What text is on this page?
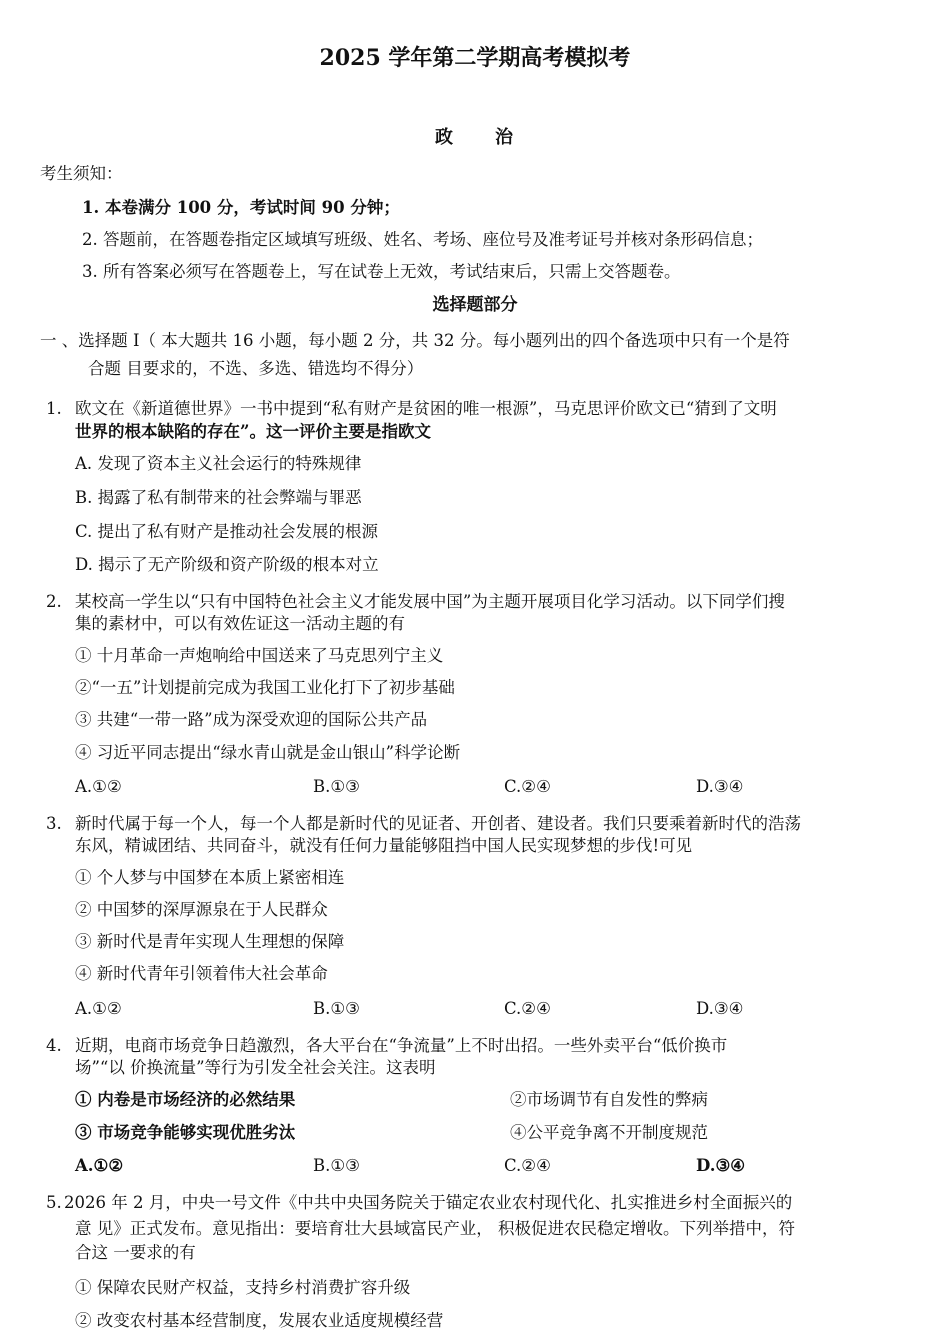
2025 学年第二学期高考模拟考
政　　治
考生须知：
1. 本卷满分 100 分，考试时间 90 分钟；
2. 答题前，在答题卷指定区域填写班级、姓名、考场、座位号及准考证号并核对条形码信息；
3. 所有答案必须写在答题卷上，写在试卷上无效，考试结束后，只需上交答题卷。
选择题部分
一 、选择题 I（ 本大题共 16 小题，每小题 2 分，共 32 分。每小题列出的四个备选项中只有一个是符
合题 目要求的，不选、多选、错选均不得分）
1. 欧文在《新道德世界》一书中提到“私有财产是贫困的唯一根源”，马克思评价欧文已“猜到了文明
世界的根本缺陷的存在”。这一评价主要是指欧文
A. 发现了资本主义社会运行的特殊规律
B. 揭露了私有制带来的社会弊端与罪恶
C. 提出了私有财产是推动社会发展的根源
D. 揭示了无产阶级和资产阶级的根本对立
2. 某校高一学生以“只有中国特色社会主义才能发展中国”为主题开展项目化学习活动。以下同学们搜
集的素材中，可以有效佐证这一活动主题的有
① 十月革命一声炮响给中国送来了马克思列宁主义
②“一五”计划提前完成为我国工业化打下了初步基础
③ 共建“一带一路”成为深受欢迎的国际公共产品
④ 习近平同志提出“绿水青山就是金山银山”科学论断
A.①②	B.①③	C.②④	D.③④
3. 新时代属于每一个人，每一个人都是新时代的见证者、开创者、建设者。我们只要乘着新时代的浩荡
东风，精诚团结、共同奋斗，就没有任何力量能够阻挡中国人民实现梦想的步伐!可见
① 个人梦与中国梦在本质上紧密相连
② 中国梦的深厚源泉在于人民群众
③ 新时代是青年实现人生理想的保障
④ 新时代青年引领着伟大社会革命
A.①②	B.①③	C.②④	D.③④
4. 近期，电商市场竞争日趋激烈，各大平台在“争流量”上不时出招。一些外卖平台“低价换市
场”“以 价换流量”等行为引发全社会关注。这表明
① 内卷是市场经济的必然结果	②市场调节有自发性的弊病
③ 市场竞争能够实现优胜劣汰	④公平竞争离不开制度规范
A.①②	B.①③	C.②④	D.③④
5. 2026 年 2 月，中央一号文件《中共中央国务院关于锚定农业农村现代化、扎实推进乡村全面振兴的
意 见》正式发布。意见指出：要培育壮大县域富民产业， 积极促进农民稳定增收。下列举措中，符
合这 一要求的有
① 保障农民财产权益，支持乡村消费扩容升级
② 改变农村基本经营制度，发展农业适度规模经营
